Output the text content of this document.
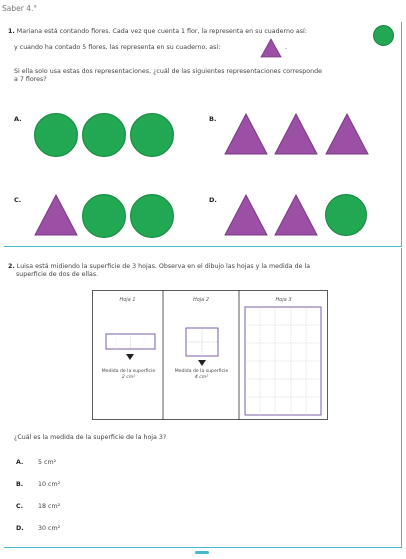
Saber 4.°
1. Mariana está contando flores. Cada vez que cuenta 1 flor, la representa en su cuaderno así:
y cuando ha contado 5 flores, las representa en su cuaderno, así:	.
Si ella solo usa estas dos representaciones, ¿cuál de las siguientes representaciones corresponde
a 7 flores?
A.	B.
C.	D.
2. Luisa está midiendo la superficie de 3 hojas. Observa en el dibujo las hojas y la medida de la
superficie de dos de ellas.
Hoja 1	Hoja 2	Hoja 3
Medida de la superficie
2 cm²
Medida de la superficie
4 cm²
¿Cuál es la medida de la superficie de la hoja 3?
A. 5 cm²
B. 10 cm²
C. 18 cm²
D. 30 cm²
